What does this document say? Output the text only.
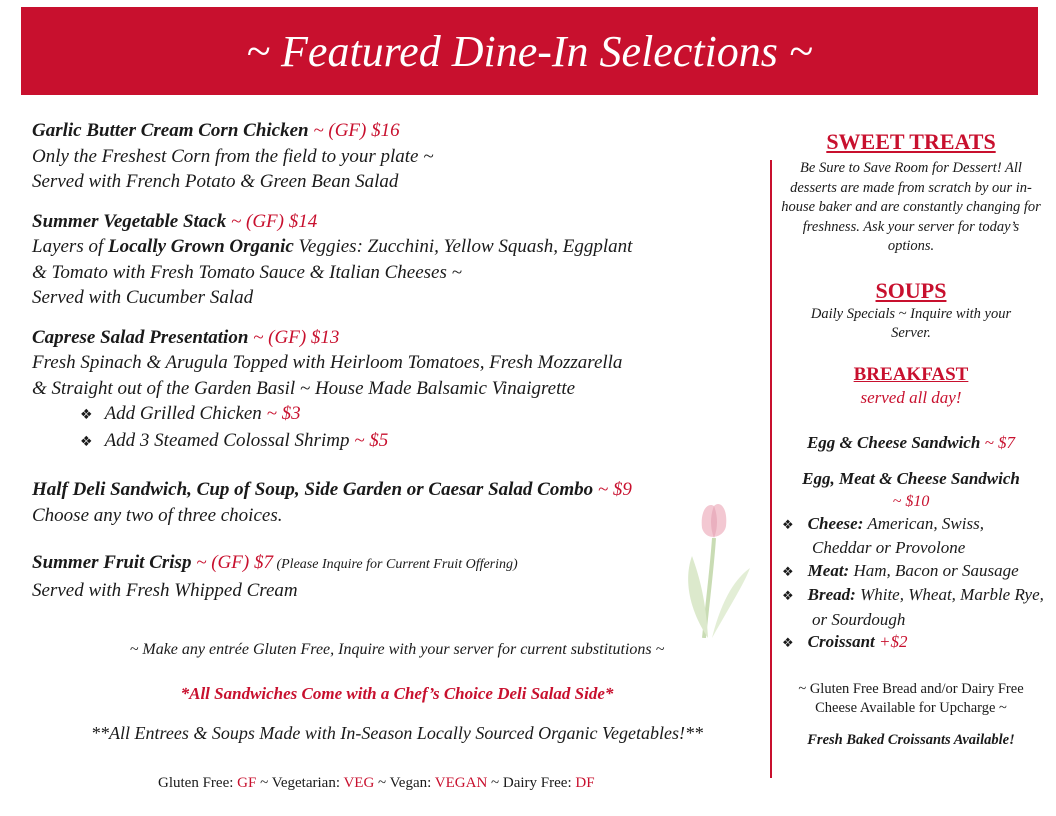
~ Featured Dine-In Selections ~
Garlic Butter Cream Corn Chicken ~ (GF) $16
Only the Freshest Corn from the field to your plate ~
Served with French Potato & Green Bean Salad
Summer Vegetable Stack ~ (GF) $14
Layers of Locally Grown Organic Veggies: Zucchini, Yellow Squash, Eggplant
& Tomato with Fresh Tomato Sauce & Italian Cheeses ~
Served with Cucumber Salad
Caprese Salad Presentation ~ (GF) $13
Fresh Spinach & Arugula Topped with Heirloom Tomatoes, Fresh Mozzarella
& Straight out of the Garden Basil ~ House Made Balsamic Vinaigrette
❖ Add Grilled Chicken ~ $3
❖ Add 3 Steamed Colossal Shrimp ~ $5
Half Deli Sandwich, Cup of Soup, Side Garden or Caesar Salad Combo ~ $9
Choose any two of three choices.
Summer Fruit Crisp ~ (GF) $7 (Please Inquire for Current Fruit Offering)
Served with Fresh Whipped Cream
~ Make any entrée Gluten Free, Inquire with your server for current substitutions ~
*All Sandwiches Come with a Chef’s Choice Deli Salad Side*
**All Entrees & Soups Made with In-Season Locally Sourced Organic Vegetables!**
Gluten Free: GF ~ Vegetarian: VEG ~ Vegan: VEGAN ~ Dairy Free: DF
SWEET TREATS
Be Sure to Save Room for Dessert! All desserts are made from scratch by our in-house baker and are constantly changing for freshness. Ask your server for today’s options.
SOUPS
Daily Specials ~ Inquire with your Server.
BREAKFAST
served all day!
Egg & Cheese Sandwich ~ $7
Egg, Meat & Cheese Sandwich
~ $10
❖ Cheese: American, Swiss, Cheddar or Provolone
❖ Meat: Ham, Bacon or Sausage
❖ Bread: White, Wheat, Marble Rye, or Sourdough
❖ Croissant +$2
~ Gluten Free Bread and/or Dairy Free Cheese Available for Upcharge ~
Fresh Baked Croissants Available!
